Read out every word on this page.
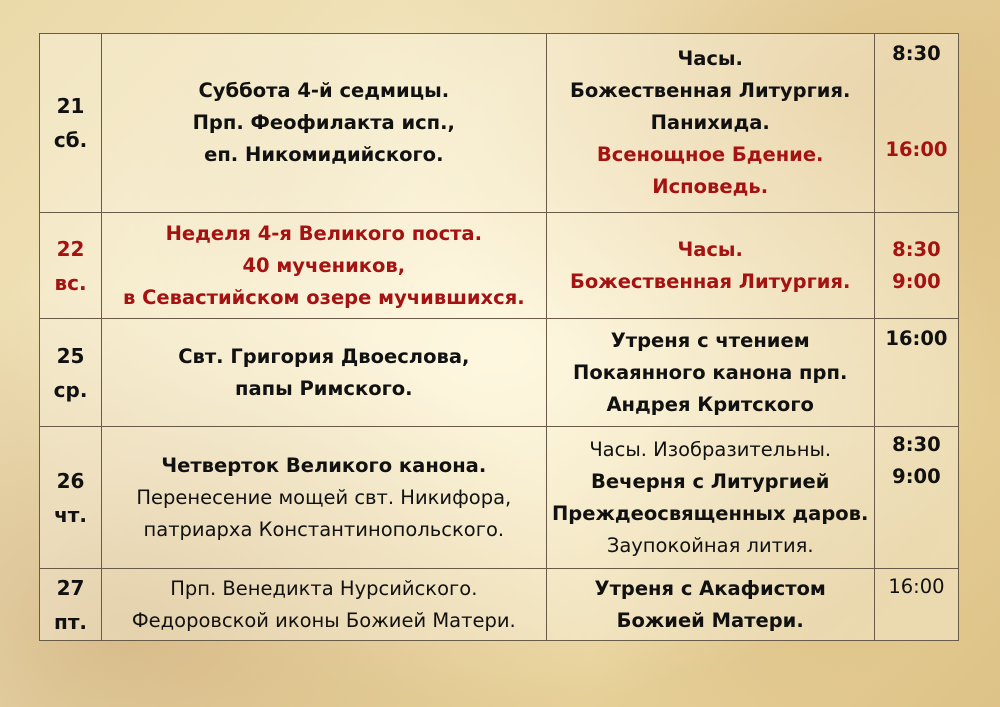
21
сб.	Суббота 4-й седмицы.
Прп. Феофилакта исп.,
еп. Никомидийского.	Часы.
Божественная Литургия.
Панихида.
Всенощное Бдение.
Исповедь.	8:30
16:00

22
вс.	Неделя 4-я Великого поста.
40 мучеников,
в Севастийском озере мучившихся.	Часы.
Божественная Литургия.	8:30
9:00

25
ср.	Свт. Григория Двоеслова,
папы Римского.	Утреня с чтением
Покаянного канона прп.
Андрея Критского	16:00

26
чт.	Четверток Великого канона.
Перенесение мощей свт. Никифора,
патриарха Константинопольского.	Часы. Изобразительны.
Вечерня с Литургией
Преждеосвященных даров.
Заупокойная лития.	8:30
9:00

27
пт.	Прп. Венедикта Нурсийского.
Федоровской иконы Божией Матери.	Утреня с Акафистом
Божией Матери.	16:00
